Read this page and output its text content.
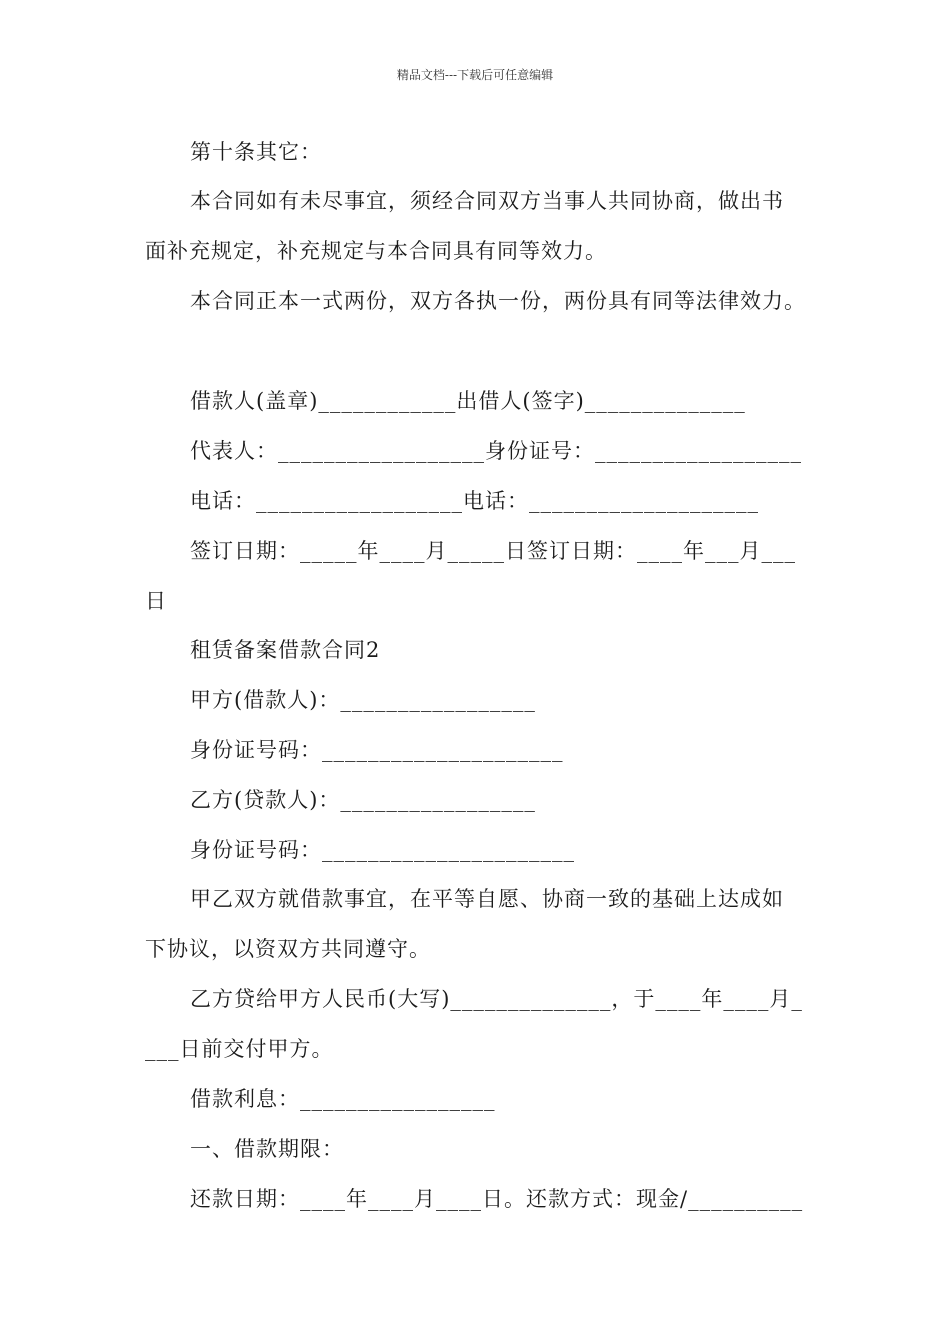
精品文档---下载后可任意编辑
第十条其它：
本合同如有未尽事宜，须经合同双方当事人共同协商，做出书
面补充规定，补充规定与本合同具有同等效力。
本合同正本一式两份，双方各执一份，两份具有同等法律效力。
借款人(盖章)____________出借人(签字)______________
代表人：__________________身份证号：__________________
电话：__________________电话：____________________
签订日期：_____年____月_____日签订日期：____年___月___
日
租赁备案借款合同2
甲方(借款人)：_________________
身份证号码：_____________________
乙方(贷款人)：_________________
身份证号码：______________________
甲乙双方就借款事宜，在平等自愿、协商一致的基础上达成如
下协议，以资双方共同遵守。
乙方贷给甲方人民币(大写)______________，于____年____月_
___日前交付甲方。
借款利息：_________________
一、借款期限：
还款日期：____年____月____日。还款方式：现金/__________
